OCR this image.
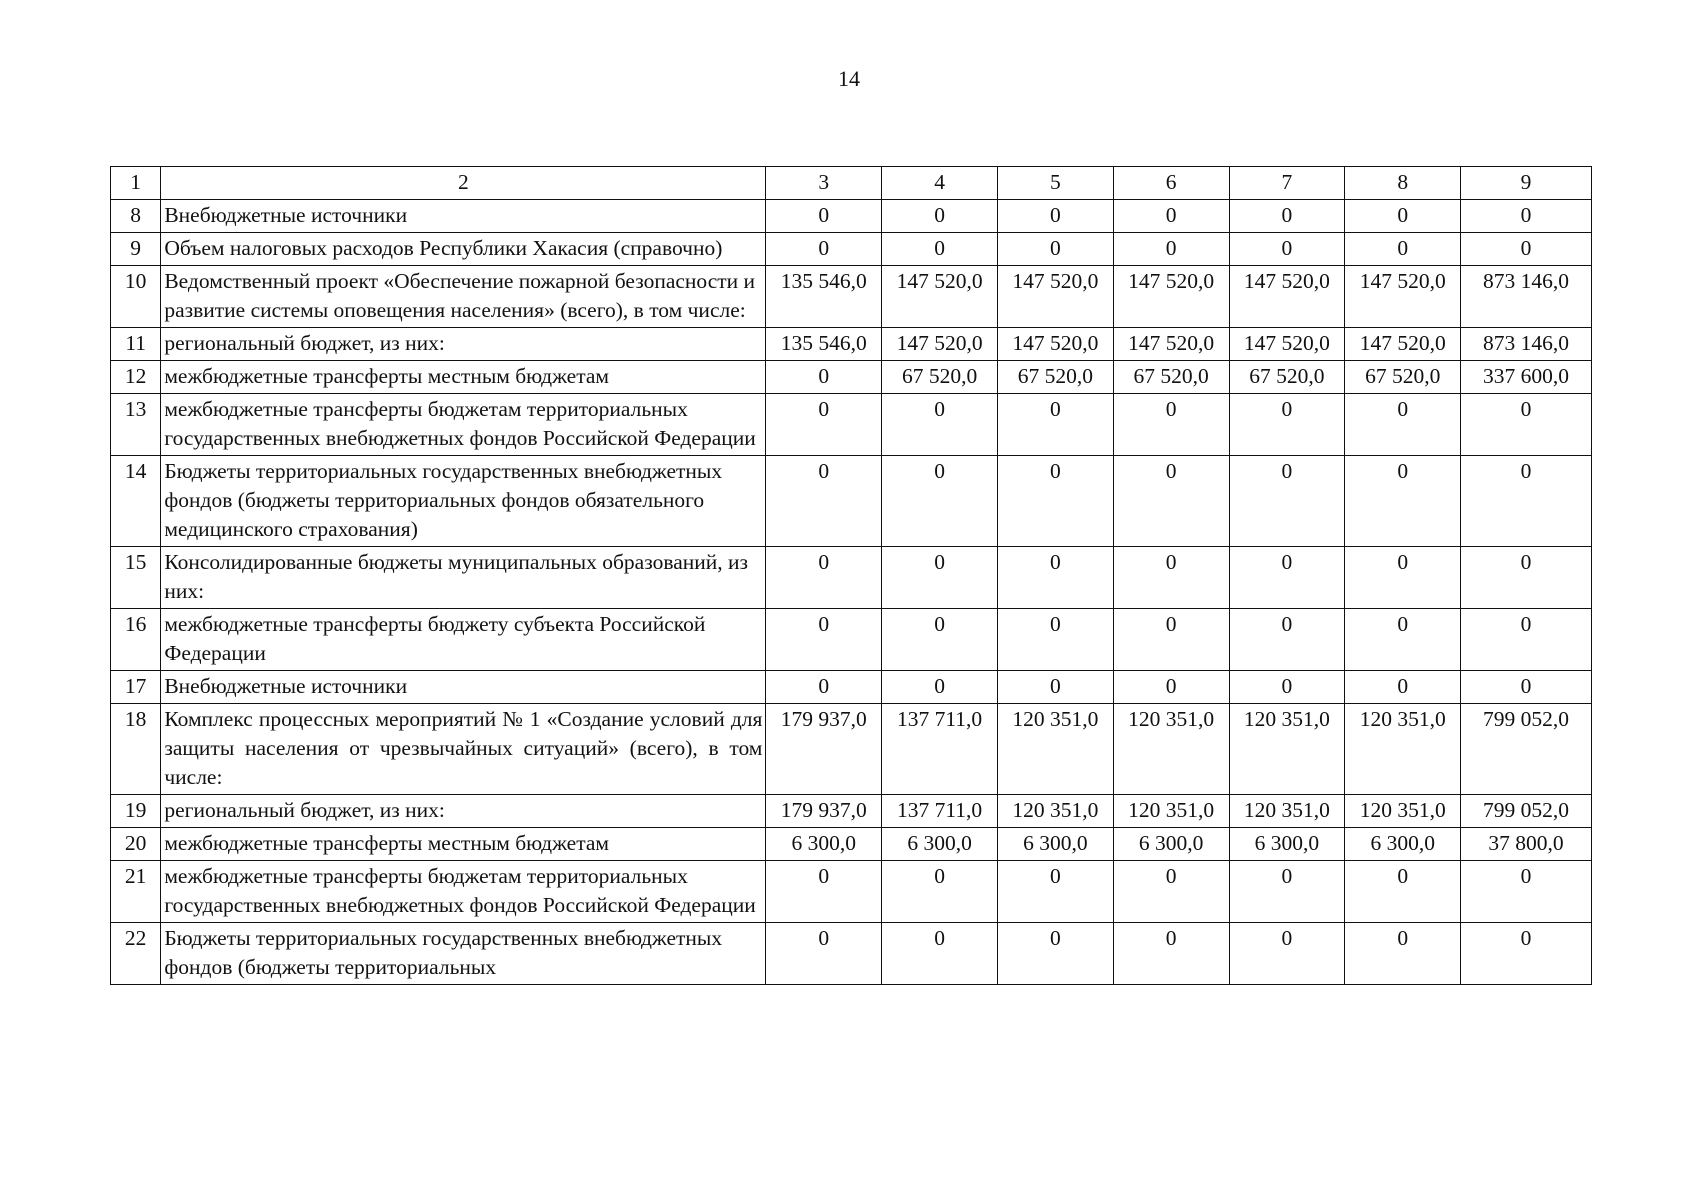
14
1	2	3	4	5	6	7	8	9
8	Внебюджетные источники	0	0	0	0	0	0	0
9	Объем налоговых расходов Республики Хакасия (справочно)	0	0	0	0	0	0	0
10	Ведомственный проект «Обеспечение пожарной безопасности и развитие системы оповещения населения» (всего), в том числе:	135 546,0	147 520,0	147 520,0	147 520,0	147 520,0	147 520,0	873 146,0
11	региональный бюджет, из них:	135 546,0	147 520,0	147 520,0	147 520,0	147 520,0	147 520,0	873 146,0
12	межбюджетные трансферты местным бюджетам	0	67 520,0	67 520,0	67 520,0	67 520,0	67 520,0	337 600,0
13	межбюджетные трансферты бюджетам территориальных государственных внебюджетных фондов Российской Федерации	0	0	0	0	0	0	0
14	Бюджеты территориальных государственных внебюджетных фондов (бюджеты территориальных фондов обязательного медицинского страхования)	0	0	0	0	0	0	0
15	Консолидированные бюджеты муниципальных образований, из них:	0	0	0	0	0	0	0
16	межбюджетные трансферты бюджету субъекта Российской Федерации	0	0	0	0	0	0	0
17	Внебюджетные источники	0	0	0	0	0	0	0
18	Комплекс процессных мероприятий № 1 «Создание условий для защиты населения от чрезвычайных ситуаций» (всего), в том числе:	179 937,0	137 711,0	120 351,0	120 351,0	120 351,0	120 351,0	799 052,0
19	региональный бюджет, из них:	179 937,0	137 711,0	120 351,0	120 351,0	120 351,0	120 351,0	799 052,0
20	межбюджетные трансферты местным бюджетам	6 300,0	6 300,0	6 300,0	6 300,0	6 300,0	6 300,0	37 800,0
21	межбюджетные трансферты бюджетам территориальных государственных внебюджетных фондов Российской Федерации	0	0	0	0	0	0	0
22	Бюджеты территориальных государственных внебюджетных фондов (бюджеты территориальных	0	0	0	0	0	0	0
